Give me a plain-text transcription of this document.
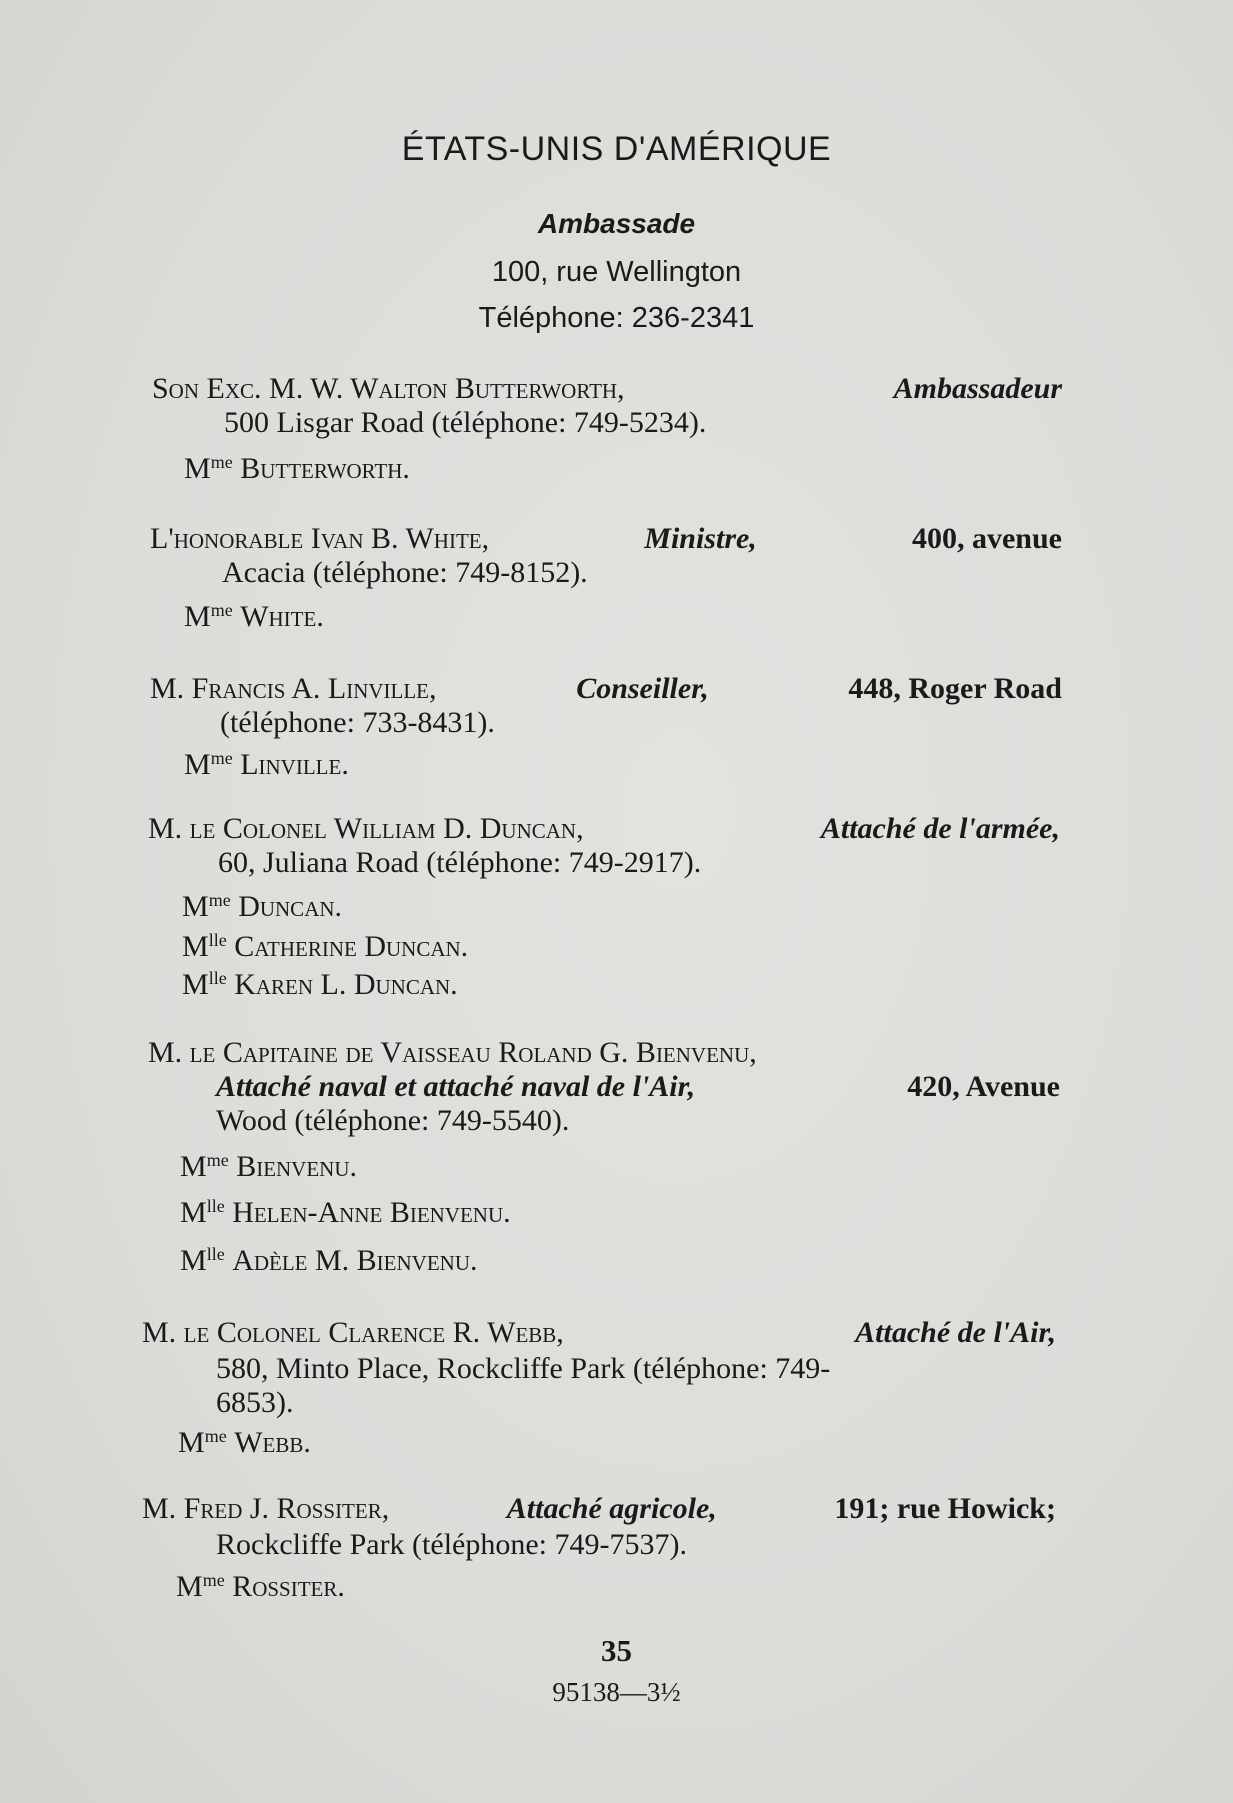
ÉTATS-UNIS D'AMÉRIQUE
Ambassade
100, rue Wellington
Téléphone: 236-2341
Son Exc. M. W. Walton Butterworth,	Ambassadeur
500 Lisgar Road (téléphone: 749-5234).
$M^{me}$ Butterworth.
L'honorable Ivan B. White,	Ministre,	400, avenue
Acacia (téléphone: 749-8152).
$M^{me}$ White.
M. Francis A. Linville,	Conseiller,	448, Roger Road
(téléphone: 733-8431).
$M^{me}$ Linville.
M. le Colonel William D. Duncan,	Attaché de l'armée,
60, Juliana Road (téléphone: 749-2917).
$M^{me}$ Duncan.
$M^{lle}$ Catherine Duncan.
$M^{lle}$ Karen L. Duncan.
M. le Capitaine de Vaisseau Roland G. Bienvenu,
Attaché naval et attaché naval de l'Air,	420, Avenue
Wood (téléphone: 749-5540).
$M^{me}$ Bienvenu.
$M^{lle}$ Helen-Anne Bienvenu.
$M^{lle}$ Adèle M. Bienvenu.
M. le Colonel Clarence R. Webb,	Attaché de l'Air,
580, Minto Place, Rockcliffe Park (téléphone: 749-
6853).
$M^{me}$ Webb.
M. Fred J. Rossiter,	Attaché agricole,	191; rue Howick;
Rockcliffe Park (téléphone: 749-7537).
$M^{me}$ Rossiter.
35
95138—3½
